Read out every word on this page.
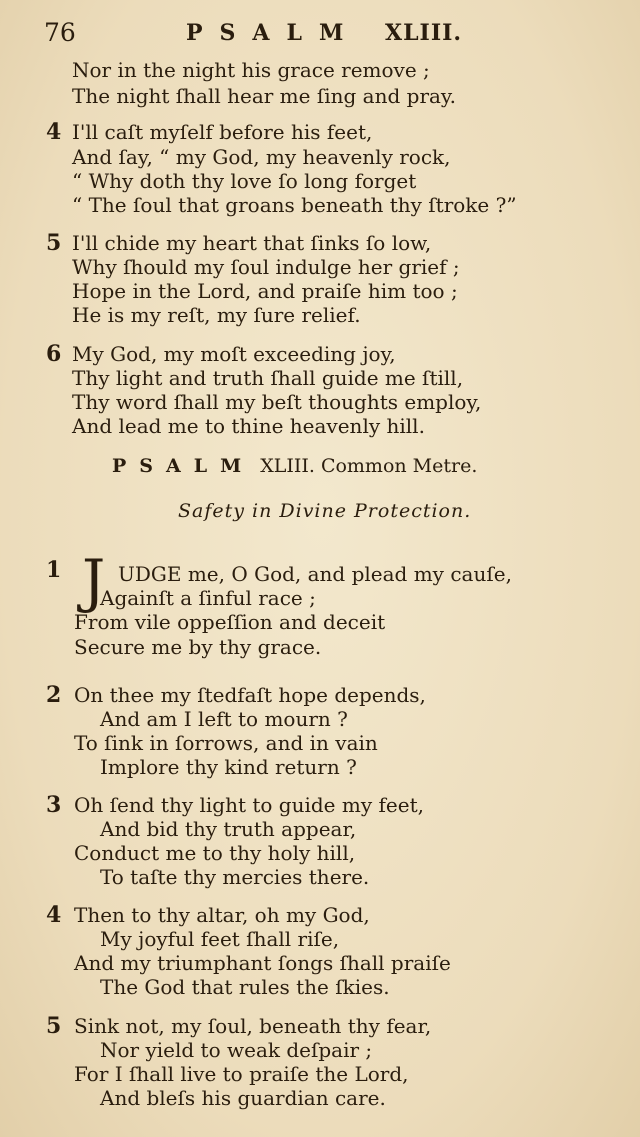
76	PSALM XLIII.
Nor in the night his grace remove ;
The night ſhall hear me ſing and pray.
4 I'll caſt myſelf before his feet,
And ſay, “ my God, my heavenly rock,
“ Why doth thy love ſo long forget
“ The ſoul that groans beneath thy ſtroke ?”
5 I'll chide my heart that ſinks ſo low,
Why ſhould my ſoul indulge her grief ;
Hope in the Lord, and praiſe him too ;
He is my reſt, my ſure relief.
6 My God, my moſt exceeding joy,
Thy light and truth ſhall guide me ſtill,
Thy word ſhall my beſt thoughts employ,
And lead me to thine heavenly hill.
PSALM XLIII. Common Metre.
Safety in Divine Protection.
1 J UDGE me, O God, and plead my cauſe,
Againſt a ſinful race ;
From vile oppeſſion and deceit
Secure me by thy grace.
2 On thee my ſtedfaſt hope depends,
And am I left to mourn ?
To ſink in ſorrows, and in vain
Implore thy kind return ?
3 Oh ſend thy light to guide my feet,
And bid thy truth appear,
Conduct me to thy holy hill,
To taſte thy mercies there.
4 Then to thy altar, oh my God,
My joyful feet ſhall riſe,
And my triumphant ſongs ſhall praiſe
The God that rules the ſkies.
5 Sink not, my ſoul, beneath thy fear,
Nor yield to weak deſpair ;
For I ſhall live to praiſe the Lord,
And bleſs his guardian care.
